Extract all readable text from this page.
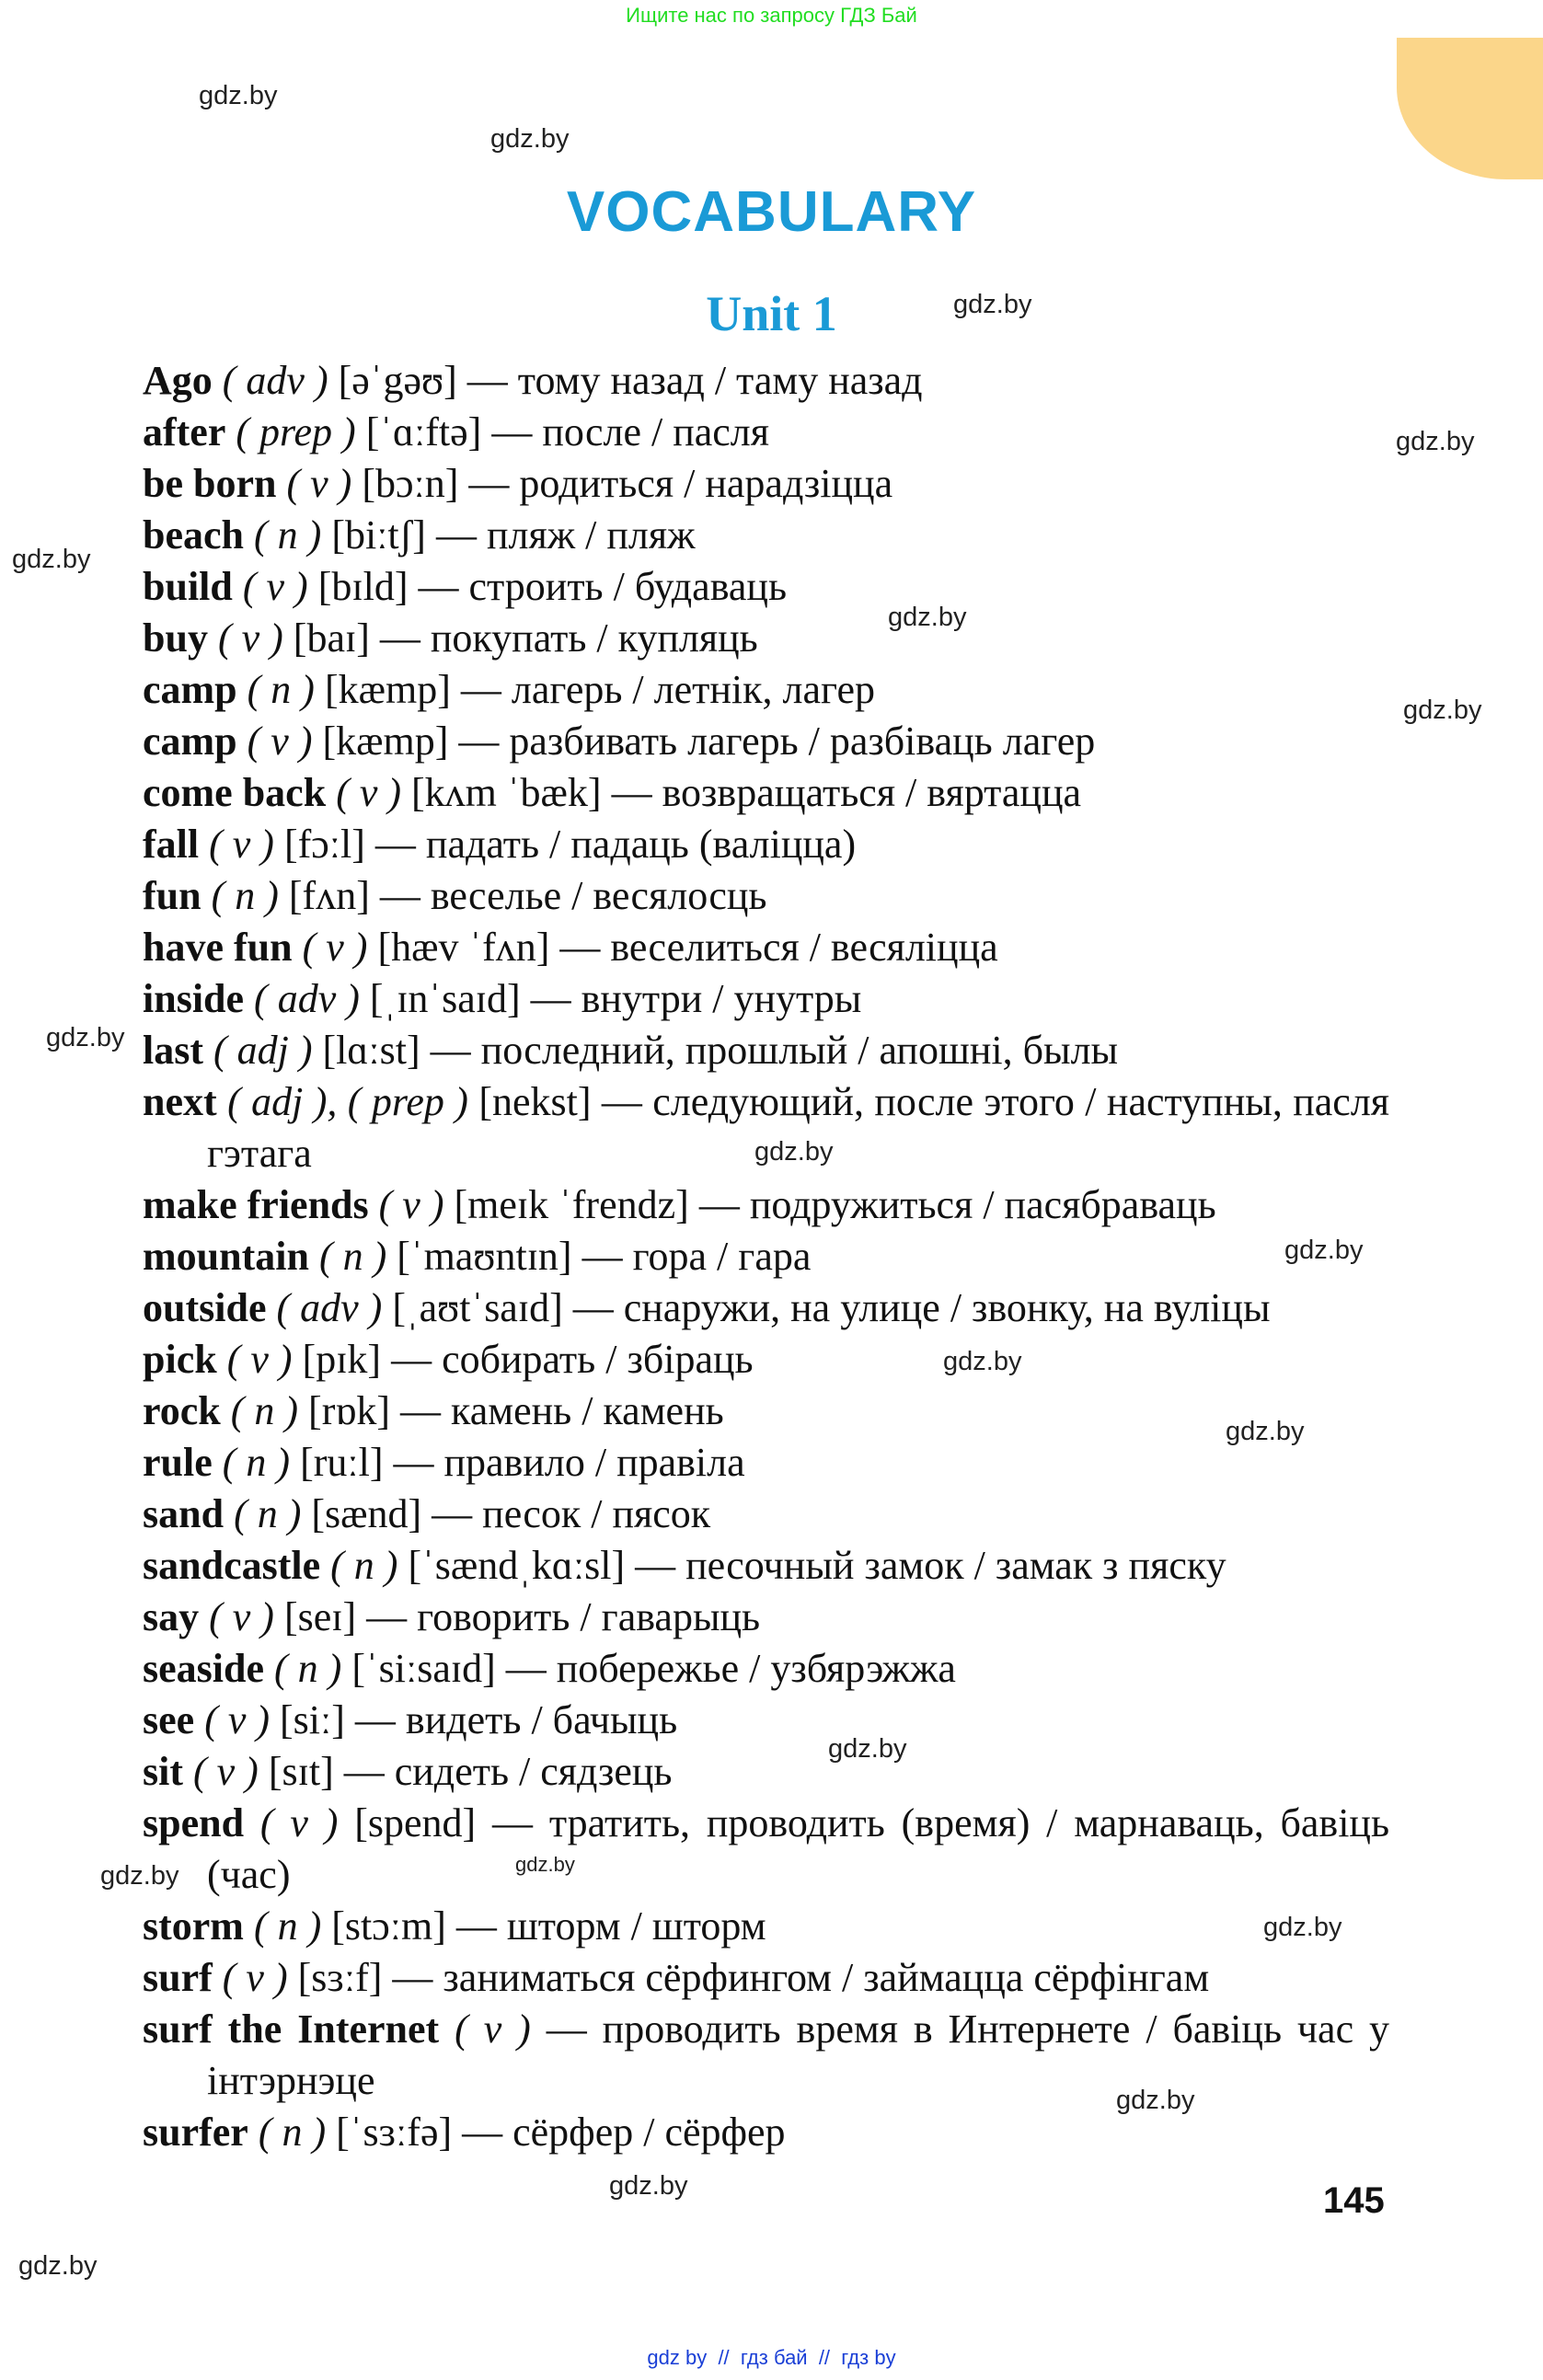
Ищите нас по запросу ГДЗ Бай
VOCABULARY
Unit 1
Ago ( adv ) [əˈgəʊ] — тому назад / таму назад
after ( prep ) [ˈɑːftə] — после / пасля
be born ( v ) [bɔːn] — родиться / нарадзіцца
beach ( n ) [biːtʃ] — пляж / пляж
build ( v ) [bɪld] — строить / будаваць
buy ( v ) [baɪ] — покупать / купляць
camp ( n ) [kæmp] — лагерь / летнік, лагер
camp ( v ) [kæmp] — разбивать лагерь / разбіваць лагер
come back ( v ) [kʌm ˈbæk] — возвращаться / вяртацца
fall ( v ) [fɔːl] — падать / падаць (валіцца)
fun ( n ) [fʌn] — веселье / весялосць
have fun ( v ) [hæv ˈfʌn] — веселиться / весяліцца
inside ( adv ) [ˌɪnˈsaɪd] — внутри / унутры
last ( adj ) [lɑːst] — последний, прошлый / апошні, былы
next ( adj ), ( prep ) [nekst] — следующий, после этого / наступны, пасля гэтага
make friends ( v ) [meɪk ˈfrendz] — подружиться / пасябраваць
mountain ( n ) [ˈmaʊntɪn] — гора / гара
outside ( adv ) [ˌaʊtˈsaɪd] — снаружи, на улице / звонку, на вуліцы
pick ( v ) [pɪk] — собирать / збіраць
rock ( n ) [rɒk] — камень / камень
rule ( n ) [ruːl] — правило / правіла
sand ( n ) [sænd] — песок / пясок
sandcastle ( n ) [ˈsændˌkɑːsl] — песочный замок / замак з пяску
say ( v ) [seɪ] — говорить / гаварыць
seaside ( n ) [ˈsiːsaɪd] — побережье / узбярэжжа
see ( v ) [siː] — видеть / бачыць
sit ( v ) [sɪt] — сидеть / сядзець
spend ( v ) [spend] — тратить, проводить (время) / марнаваць, бавіць (час)
storm ( n ) [stɔːm] — шторм / шторм
surf ( v ) [sɜːf] — заниматься сёрфингом / займацца сёрфінгам
surf the Internet ( v ) — проводить время в Интернете / бавіць час у інтэрнэце
surfer ( n ) [ˈsɜːfə] — сёрфер / сёрфер
gdz.by
gdz.by
gdz.by
gdz.by
gdz.by
gdz.by
gdz.by
gdz.by
gdz.by
gdz.by
gdz.by
gdz.by
gdz.by
gdz.by
gdz.by
gdz.by
gdz.by
gdz.by
gdz.by
145
gdz by  //  гдз бай  //  гдз by
